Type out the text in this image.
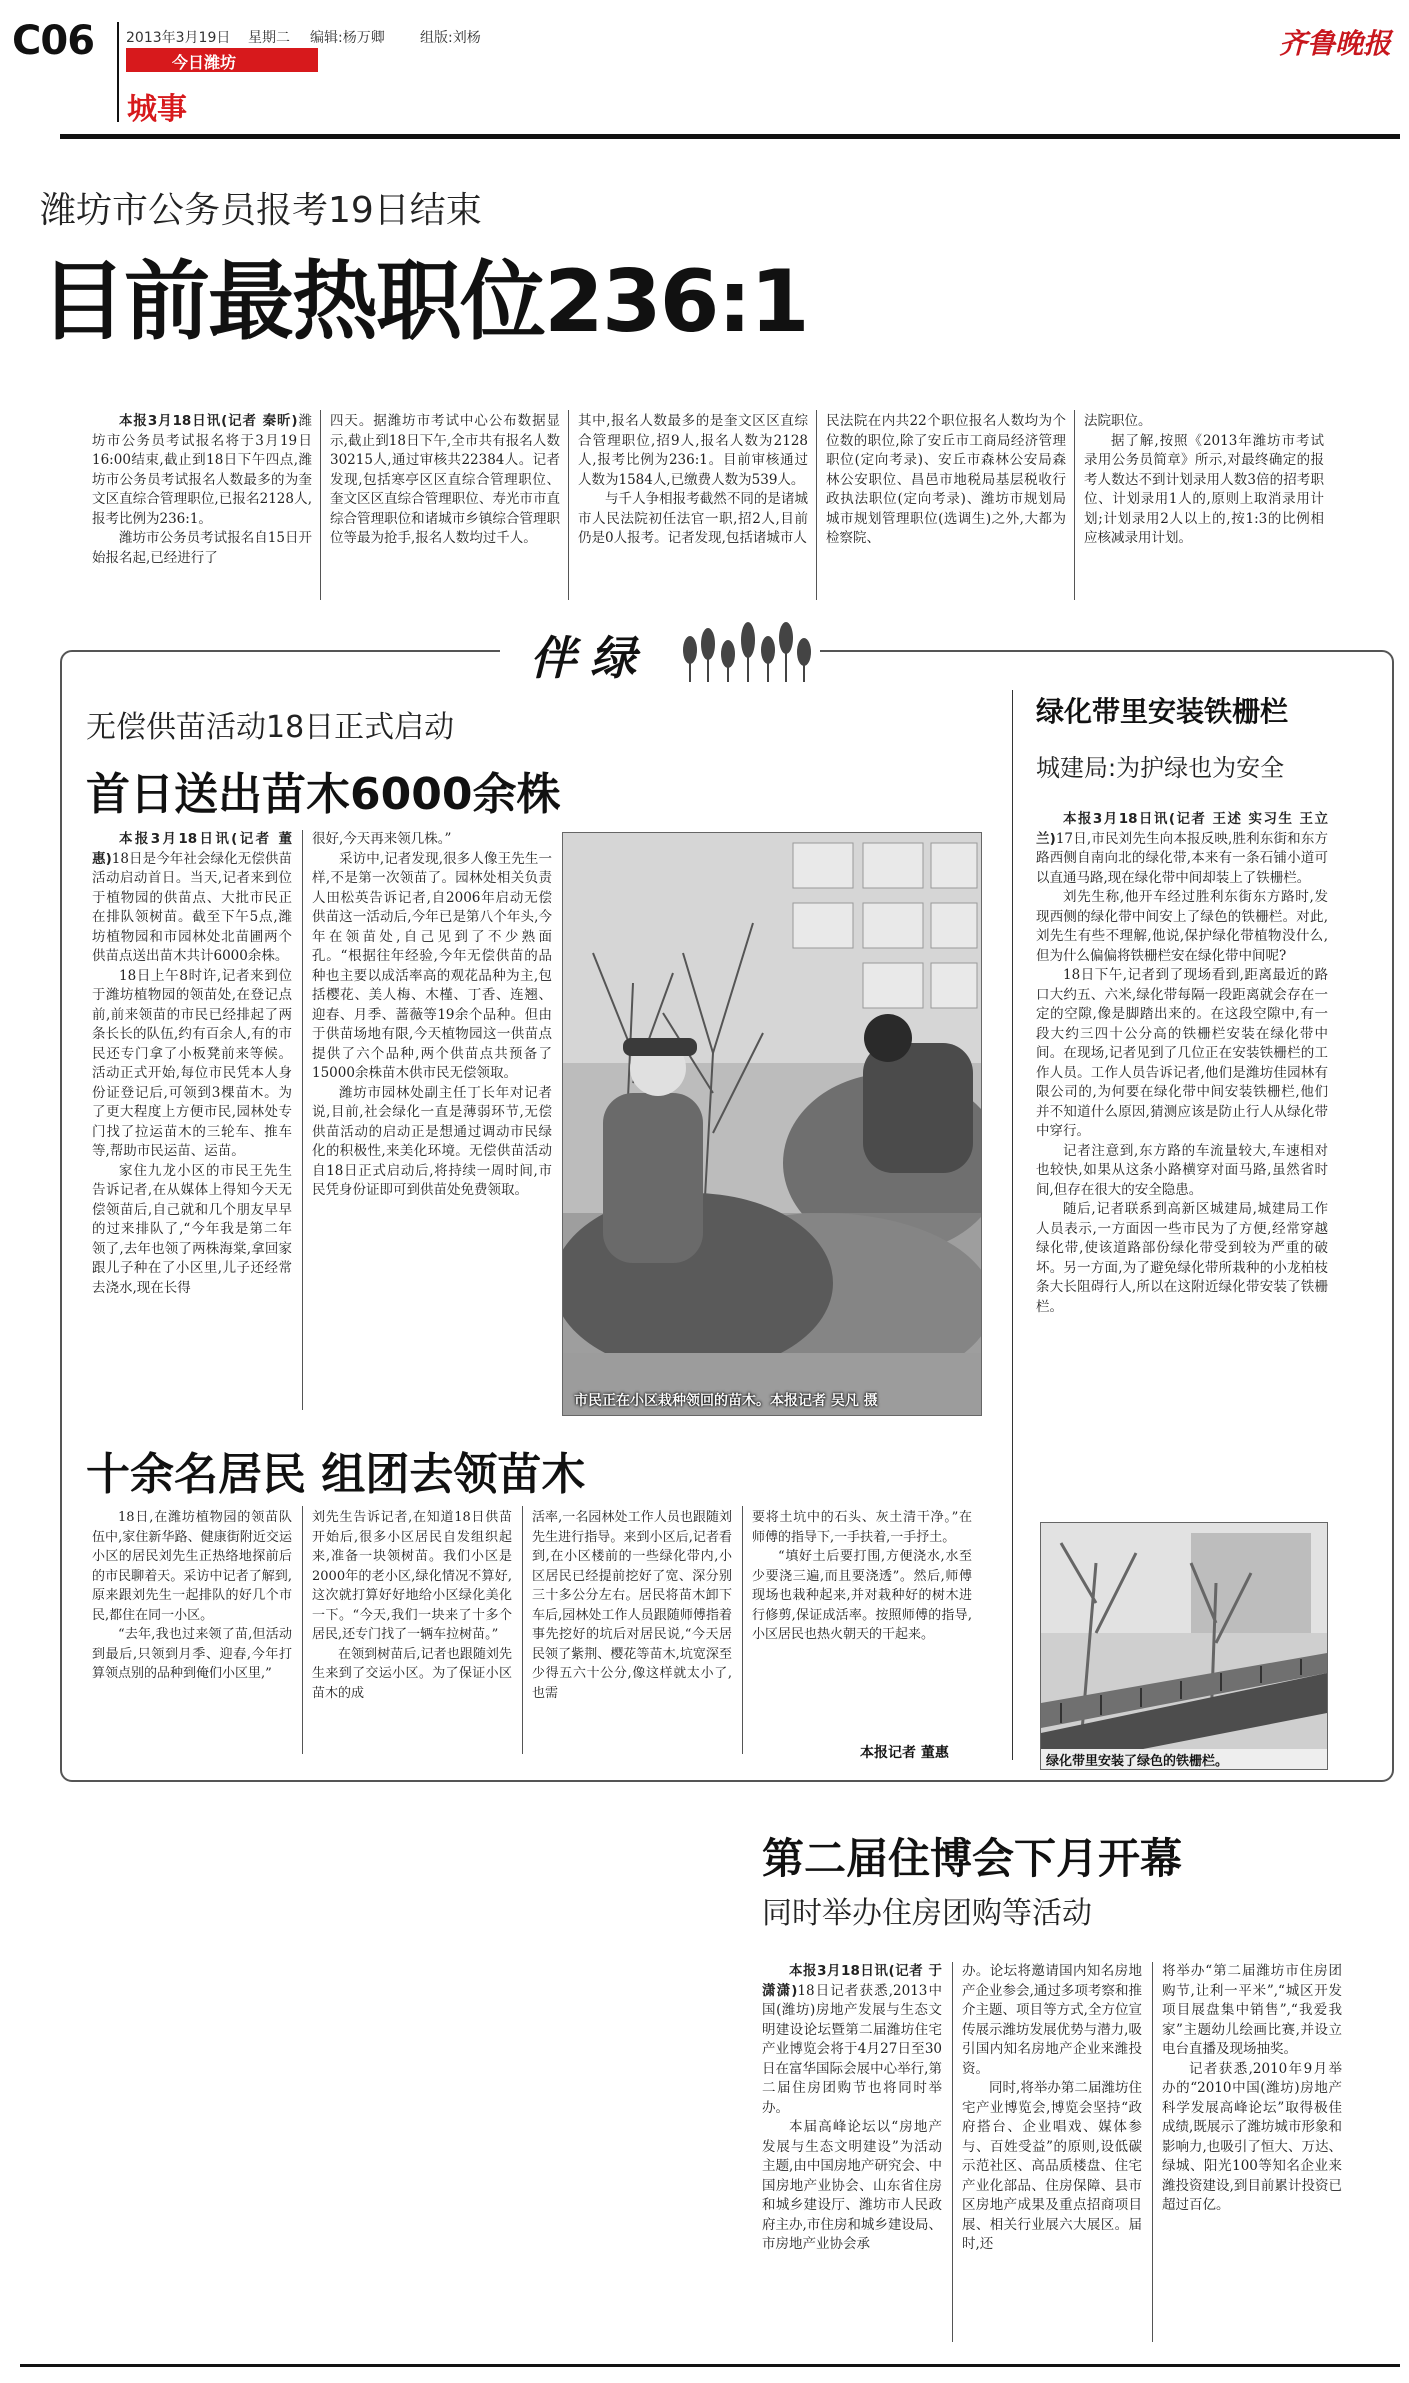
C06 2013年3月19日 星期二 编辑:杨万卿	组版:刘杨
今日潍坊
城事
齐鲁晚报
潍坊市公务员报考19日结束
目前最热职位236:1

本报3月18日讯(记者 秦昕)潍坊市公务员考试报名将于3月19日16:00结束,截止到18日下午四点,潍坊市公务员考试报名人数最多的为奎文区直综合管理职位,已报名2128人,报考比例为236:1。

潍坊市公务员考试报名自15日开始报名起,已经进行了

四天。据潍坊市考试中心公布数据显示,截止到18日下午,全市共有报名人数30215人,通过审核共22384人。记者发现,包括寒亭区区直综合管理职位、奎文区区直综合管理职位、寿光市市直综合管理职位和诸城市乡镇综合管理职位等最为抢手,报名人数均过千人。

其中,报名人数最多的是奎文区区直综合管理职位,招9人,报名人数为2128人,报考比例为236:1。目前审核通过人数为1584人,已缴费人数为539人。

与千人争相报考截然不同的是诸城市人民法院初任法官一职,招2人,目前仍是0人报考。记者发现,包括诸城市人

民法院在内共22个职位报名人数均为个位数的职位,除了安丘市工商局经济管理职位(定向考录)、安丘市森林公安局森林公安职位、昌邑市地税局基层税收行政执法职位(定向考录)、潍坊市规划局城市规划管理职位(选调生)之外,大都为检察院、

法院职位。

据了解,按照《2013年潍坊市考试录用公务员简章》所示,对最终确定的报考人数达不到计划录用人数3倍的招考职位、计划录用1人的,原则上取消录用计划;计划录用2人以上的,按1:3的比例相应核减录用计划。

伴绿
无偿供苗活动18日正式启动
首日送出苗木6000余株

本报3月18日讯(记者 董惠)18日是今年社会绿化无偿供苗活动启动首日。当天,记者来到位于植物园的供苗点、大批市民正在排队领树苗。截至下午5点,潍坊植物园和市园林处北苗圃两个供苗点送出苗木共计6000余株。

18日上午8时许,记者来到位于潍坊植物园的领苗处,在登记点前,前来领苗的市民已经排起了两条长长的队伍,约有百余人,有的市民还专门拿了小板凳前来等候。活动正式开始,每位市民凭本人身份证登记后,可领到3棵苗木。为了更大程度上方便市民,园林处专门找了拉运苗木的三轮车、推车等,帮助市民运苗、运苗。

家住九龙小区的市民王先生告诉记者,在从媒体上得知今天无偿领苗后,自己就和几个朋友早早的过来排队了,“今年我是第二年领了,去年也领了两株海棠,拿回家跟儿子种在了小区里,儿子还经常去浇水,现在长得

很好,今天再来领几株。”

采访中,记者发现,很多人像王先生一样,不是第一次领苗了。园林处相关负责人田松英告诉记者,自2006年启动无偿供苗这一活动后,今年已是第八个年头,今年在领苗处,自己见到了不少熟面孔。“根据往年经验,今年无偿供苗的品种也主要以成活率高的观花品种为主,包括樱花、美人梅、木槿、丁香、连翘、迎春、月季、蔷薇等19余个品种。但由于供苗场地有限,今天植物园这一供苗点提供了六个品种,两个供苗点共预备了15000余株苗木供市民无偿领取。

潍坊市园林处副主任丁长年对记者说,目前,社会绿化一直是薄弱环节,无偿供苗活动的启动正是想通过调动市民绿化的积极性,来美化环境。无偿供苗活动自18日正式启动后,将持续一周时间,市民凭身份证即可到供苗处免费领取。

市民正在小区栽种领回的苗木。本报记者 吴凡 摄
十余名居民 组团去领苗木

18日,在潍坊植物园的领苗队伍中,家住新华路、健康街附近交运小区的居民刘先生正热络地探前后的市民聊着天。采访中记者了解到,原来跟刘先生一起排队的好几个市民,都住在同一小区。

“去年,我也过来领了苗,但活动到最后,只领到月季、迎春,今年打算领点别的品种到俺们小区里,”

刘先生告诉记者,在知道18日供苗开始后,很多小区居民自发组织起来,准备一块领树苗。我们小区是2000年的老小区,绿化情况不算好,这次就打算好好地给小区绿化美化一下。“今天,我们一块来了十多个居民,还专门找了一辆车拉树苗。”

在领到树苗后,记者也跟随刘先生来到了交运小区。为了保证小区苗木的成

活率,一名园林处工作人员也跟随刘先生进行指导。来到小区后,记者看到,在小区楼前的一些绿化带内,小区居民已经提前挖好了宽、深分别三十多公分左右。居民将苗木卸下车后,园林处工作人员跟随师傅指着事先挖好的坑后对居民说,“今天居民领了紫荆、樱花等苗木,坑宽深至少得五六十公分,像这样就太小了,也需

要将土坑中的石头、灰土清干净。”在师傅的指导下,一手扶着,一手抒土。

“填好土后要打围,方便浇水,水至少要浇三遍,而且要浇透”。然后,师傅现场也栽种起来,并对栽种好的树木进行修剪,保证成活率。按照师傅的指导,小区居民也热火朝天的干起来。

本报记者 董惠
绿化带里安装铁栅栏
城建局:为护绿也为安全

本报3月18日讯(记者 王述 实习生 王立兰)17日,市民刘先生向本报反映,胜利东街和东方路西侧自南向北的绿化带,本来有一条石铺小道可以直通马路,现在绿化带中间却装上了铁栅栏。

刘先生称,他开车经过胜利东街东方路时,发现西侧的绿化带中间安上了绿色的铁栅栏。对此,刘先生有些不理解,他说,保护绿化带植物没什么,但为什么偏偏将铁栅栏安在绿化带中间呢?

18日下午,记者到了现场看到,距离最近的路口大约五、六米,绿化带每隔一段距离就会存在一定的空隙,像是脚踏出来的。在这段空隙中,有一段大约三四十公分高的铁栅栏安装在绿化带中间。在现场,记者见到了几位正在安装铁栅栏的工作人员。工作人员告诉记者,他们是潍坊佳园林有限公司的,为何要在绿化带中间安装铁栅栏,他们并不知道什么原因,猜测应该是防止行人从绿化带中穿行。

记者注意到,东方路的车流量较大,车速相对也较快,如果从这条小路横穿对面马路,虽然省时间,但存在很大的安全隐患。

随后,记者联系到高新区城建局,城建局工作人员表示,一方面因一些市民为了方便,经常穿越绿化带,使该道路部份绿化带受到较为严重的破坏。另一方面,为了避免绿化带所栽种的小龙柏枝条大长阻碍行人,所以在这附近绿化带安装了铁栅栏。

绿化带里安装了绿色的铁栅栏。
第二届住博会下月开幕
同时举办住房团购等活动

本报3月18日讯(记者 于潇潇)18日记者获悉,2013中国(潍坊)房地产发展与生态文明建设论坛暨第二届潍坊住宅产业博览会将于4月27日至30日在富华国际会展中心举行,第二届住房团购节也将同时举办。

本届高峰论坛以“房地产发展与生态文明建设”为活动主题,由中国房地产研究会、中国房地产业协会、山东省住房和城乡建设厅、潍坊市人民政府主办,市住房和城乡建设局、市房地产业协会承

办。论坛将邀请国内知名房地产企业参会,通过多项考察和推介主题、项目等方式,全方位宣传展示潍坊发展优势与潜力,吸引国内知名房地产企业来潍投资。

同时,将举办第二届潍坊住宅产业博览会,博览会坚持“政府搭台、企业唱戏、媒体参与、百姓受益”的原则,设低碳示范社区、高品质楼盘、住宅产业化部品、住房保障、县市区房地产成果及重点招商项目展、相关行业展六大展区。届时,还

将举办“第二届潍坊市住房团购节,让利一平米”,“城区开发项目展盘集中销售”,“我爱我家”主题幼儿绘画比赛,并设立电台直播及现场抽奖。

记者获悉,2010年9月举办的“2010中国(潍坊)房地产科学发展高峰论坛”取得极佳成绩,既展示了潍坊城市形象和影响力,也吸引了恒大、万达、绿城、阳光100等知名企业来潍投资建设,到目前累计投资已超过百亿。
